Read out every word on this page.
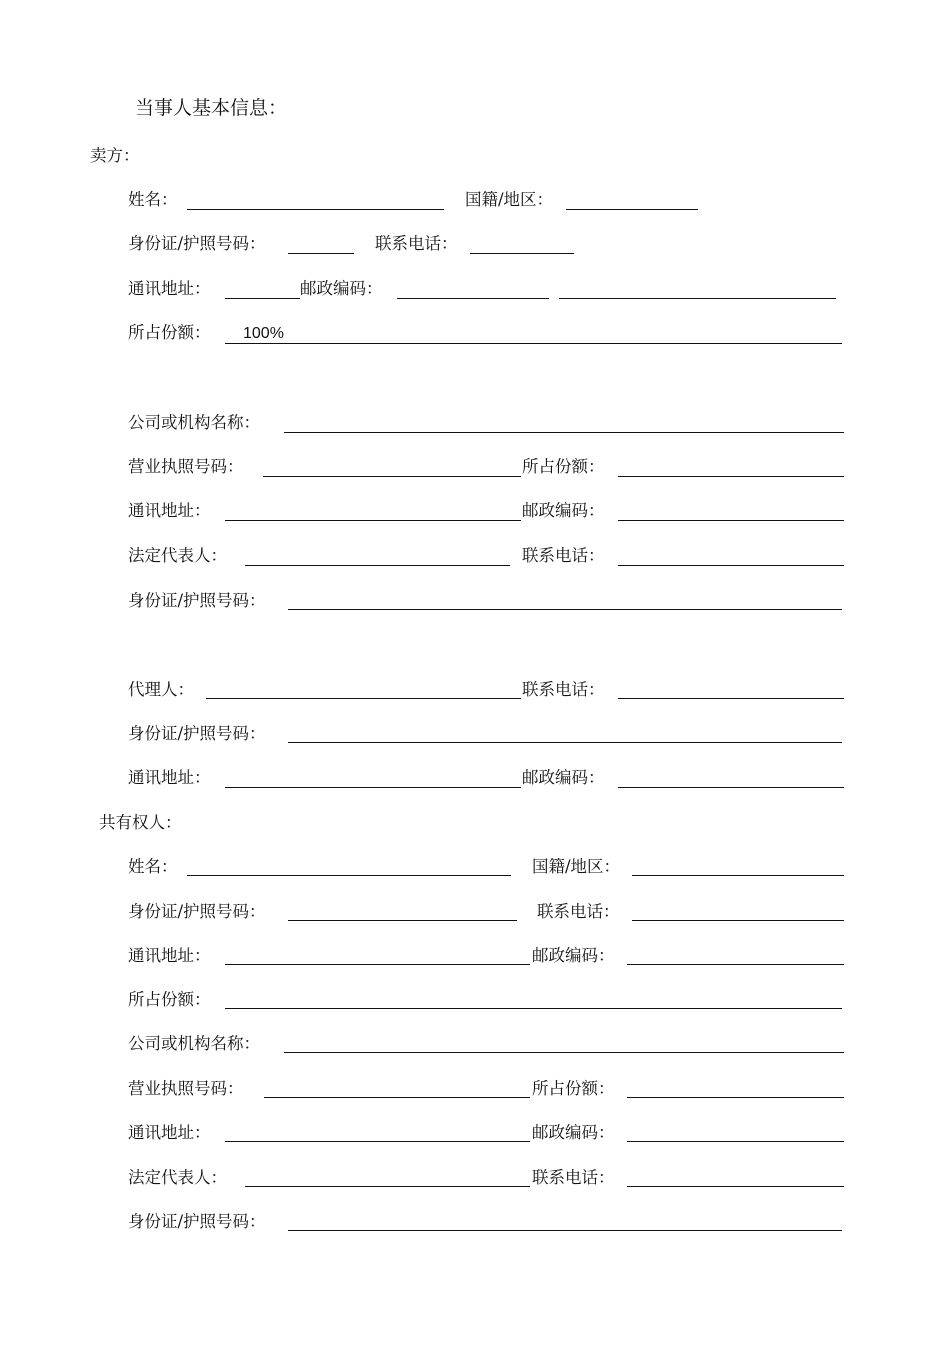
当事人基本信息：
卖方：
姓名：	国籍/地区：
身份证/护照号码：	联系电话：
通讯地址：	邮政编码：
所占份额： 100%
公司或机构名称：
营业执照号码：	所占份额：
通讯地址：	邮政编码：
法定代表人：	联系电话：
身份证/护照号码：
代理人：	联系电话：
身份证/护照号码：
通讯地址：	邮政编码：
共有权人：
姓名：	国籍/地区：
身份证/护照号码：	联系电话：
通讯地址：	邮政编码：
所占份额：
公司或机构名称：
营业执照号码：	所占份额：
通讯地址：	邮政编码：
法定代表人：	联系电话：
身份证/护照号码：
